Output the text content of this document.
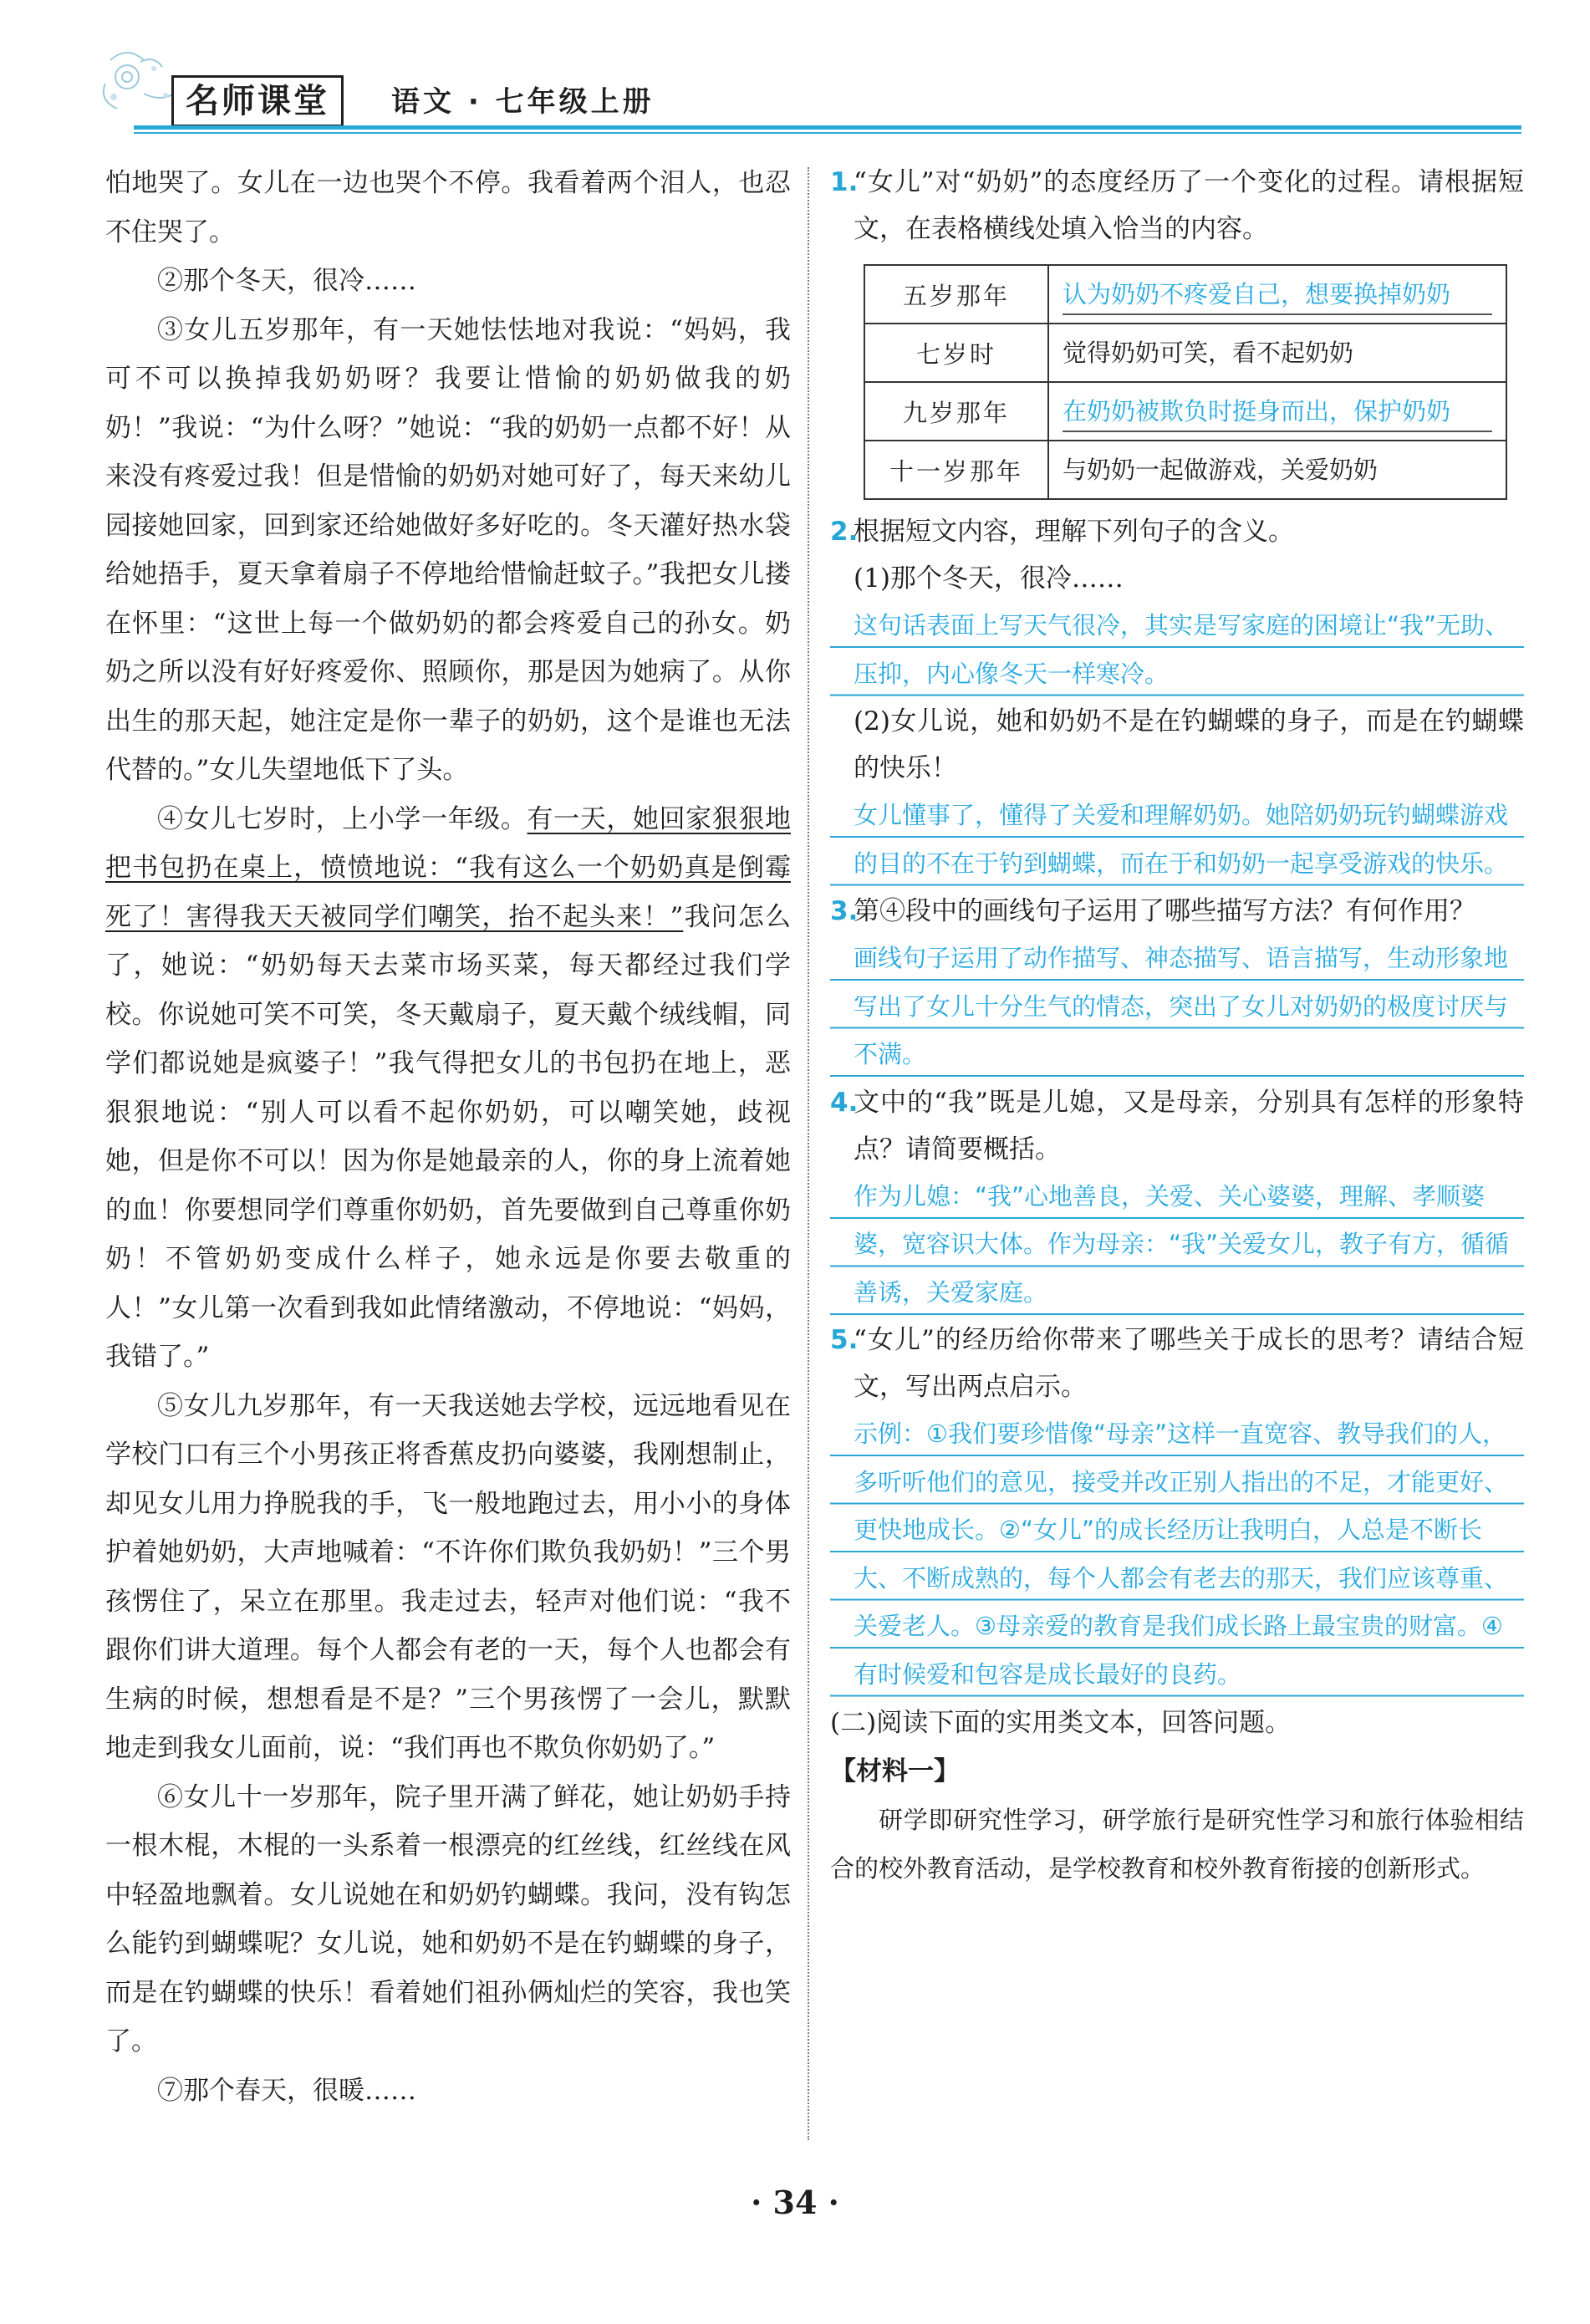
名师课堂	语文 · 七年级上册

怕地哭了。女儿在一边也哭个不停。我看着两个泪人，也忍不住哭了。

②那个冬天，很冷……

③女儿五岁那年，有一天她怯怯地对我说：“妈妈，我可不可以换掉我奶奶呀？我要让惜愉的奶奶做我的奶奶！”我说：“为什么呀？”她说：“我的奶奶一点都不好！从来没有疼爱过我！但是惜愉的奶奶对她可好了，每天来幼儿园接她回家，回到家还给她做好多好吃的。冬天灌好热水袋给她捂手，夏天拿着扇子不停地给惜愉赶蚊子。”我把女儿搂在怀里：“这世上每一个做奶奶的都会疼爱自己的孙女。奶奶之所以没有好好疼爱你、照顾你，那是因为她病了。从你出生的那天起，她注定是你一辈子的奶奶，这个是谁也无法代替的。”女儿失望地低下了头。

④女儿七岁时，上小学一年级。有一天，她回家狠狠地把书包扔在桌上，愤愤地说：“我有这么一个奶奶真是倒霉死了！害得我天天被同学们嘲笑，抬不起头来！”我问怎么了，她说：“奶奶每天去菜市场买菜，每天都经过我们学校。你说她可笑不可笑，冬天戴扇子，夏天戴个绒线帽，同学们都说她是疯婆子！”我气得把女儿的书包扔在地上，恶狠狠地说：“别人可以看不起你奶奶，可以嘲笑她，歧视她，但是你不可以！因为你是她最亲的人，你的身上流着她的血！你要想同学们尊重你奶奶，首先要做到自己尊重你奶奶！不管奶奶变成什么样子，她永远是你要去敬重的人！”女儿第一次看到我如此情绪激动，不停地说：“妈妈，我错了。”

⑤女儿九岁那年，有一天我送她去学校，远远地看见在学校门口有三个小男孩正将香蕉皮扔向婆婆，我刚想制止，却见女儿用力挣脱我的手，飞一般地跑过去，用小小的身体护着她奶奶，大声地喊着：“不许你们欺负我奶奶！”三个男孩愣住了，呆立在那里。我走过去，轻声对他们说：“我不跟你们讲大道理。每个人都会有老的一天，每个人也都会有生病的时候，想想看是不是？”三个男孩愣了一会儿，默默地走到我女儿面前，说：“我们再也不欺负你奶奶了。”

⑥女儿十一岁那年，院子里开满了鲜花，她让奶奶手持一根木棍，木棍的一头系着一根漂亮的红丝线，红丝线在风中轻盈地飘着。女儿说她在和奶奶钓蝴蝶。我问，没有钩怎么能钓到蝴蝶呢？女儿说，她和奶奶不是在钓蝴蝶的身子，而是在钓蝴蝶的快乐！看着她们祖孙俩灿烂的笑容，我也笑了。

⑦那个春天，很暖……

1.
“女儿”对“奶奶”的态度经历了一个变化的过程。请根据短文，在表格横线处填入恰当的内容。
五岁那年	认为奶奶不疼爱自己，想要换掉奶奶

七岁时	觉得奶奶可笑，看不起奶奶

九岁那年	在奶奶被欺负时挺身而出，保护奶奶

十一岁那年	与奶奶一起做游戏，关爱奶奶
2.
根据短文内容，理解下列句子的含义。
(1)那个冬天，很冷……
这句话表面上写天气很冷，其实是写家庭的困境让“我”无助、压抑，内心像冬天一样寒冷。
(2)女儿说，她和奶奶不是在钓蝴蝶的身子，而是在钓蝴蝶的快乐！
女儿懂事了，懂得了关爱和理解奶奶。她陪奶奶玩钓蝴蝶游戏的目的不在于钓到蝴蝶，而在于和奶奶一起享受游戏的快乐。
3.
第④段中的画线句子运用了哪些描写方法？有何作用？
画线句子运用了动作描写、神态描写、语言描写，生动形象地写出了女儿十分生气的情态，突出了女儿对奶奶的极度讨厌与不满。
4.
文中的“我”既是儿媳，又是母亲，分别具有怎样的形象特点？请简要概括。
作为儿媳：“我”心地善良，关爱、关心婆婆，理解、孝顺婆婆，宽容识大体。作为母亲：“我”关爱女儿，教子有方，循循善诱，关爱家庭。
5.
“女儿”的经历给你带来了哪些关于成长的思考？请结合短文，写出两点启示。
示例：①我们要珍惜像“母亲”这样一直宽容、教导我们的人，多听听他们的意见，接受并改正别人指出的不足，才能更好、更快地成长。②“女儿”的成长经历让我明白，人总是不断长大、不断成熟的，每个人都会有老去的那天，我们应该尊重、关爱老人。③母亲爱的教育是我们成长路上最宝贵的财富。④有时候爱和包容是成长最好的良药。
(二)阅读下面的实用类文本，回答问题。
【材料一】

研学即研究性学习，研学旅行是研究性学习和旅行体验相结合的校外教育活动，是学校教育和校外教育衔接的创新形式。

· 34 ·
